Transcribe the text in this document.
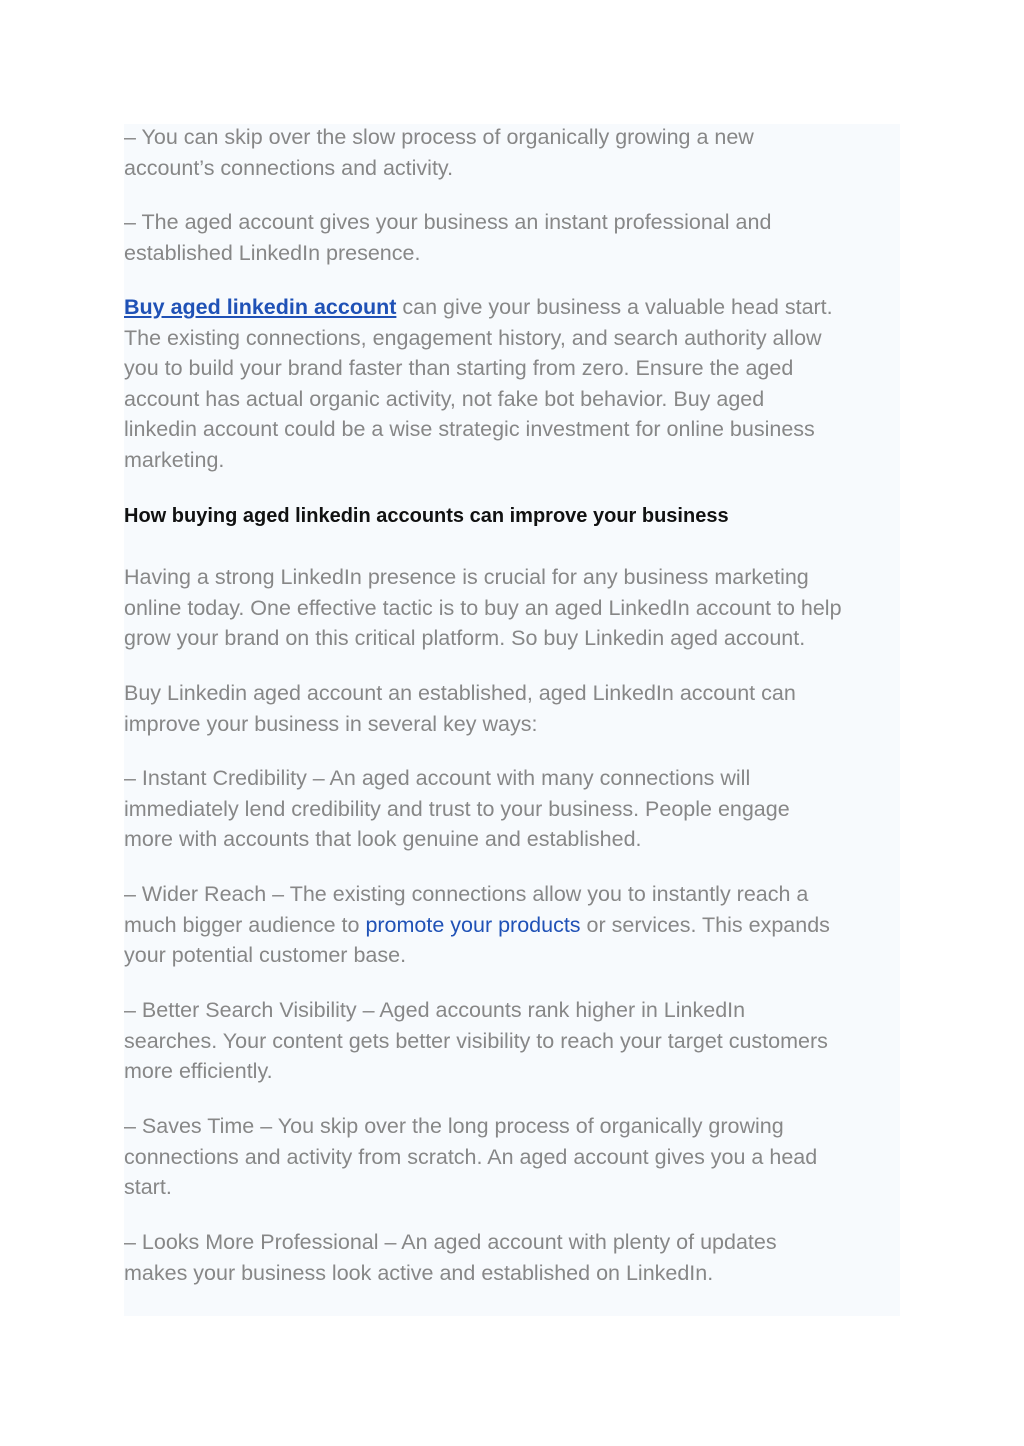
– You can skip over the slow process of organically growing a new
account’s connections and activity.

– The aged account gives your business an instant professional and
established LinkedIn presence.

Buy aged linkedin account can give your business a valuable head start.
The existing connections, engagement history, and search authority allow
you to build your brand faster than starting from zero. Ensure the aged
account has actual organic activity, not fake bot behavior. Buy aged
linkedin account could be a wise strategic investment for online business
marketing.

How buying aged linkedin accounts can improve your business

Having a strong LinkedIn presence is crucial for any business marketing
online today. One effective tactic is to buy an aged LinkedIn account to help
grow your brand on this critical platform. So buy Linkedin aged account.

Buy Linkedin aged account an established, aged LinkedIn account can
improve your business in several key ways:

– Instant Credibility – An aged account with many connections will
immediately lend credibility and trust to your business. People engage
more with accounts that look genuine and established.

– Wider Reach – The existing connections allow you to instantly reach a
much bigger audience to promote your products or services. This expands
your potential customer base.

– Better Search Visibility – Aged accounts rank higher in LinkedIn
searches. Your content gets better visibility to reach your target customers
more efficiently.

– Saves Time – You skip over the long process of organically growing
connections and activity from scratch. An aged account gives you a head
start.

– Looks More Professional – An aged account with plenty of updates
makes your business look active and established on LinkedIn.
